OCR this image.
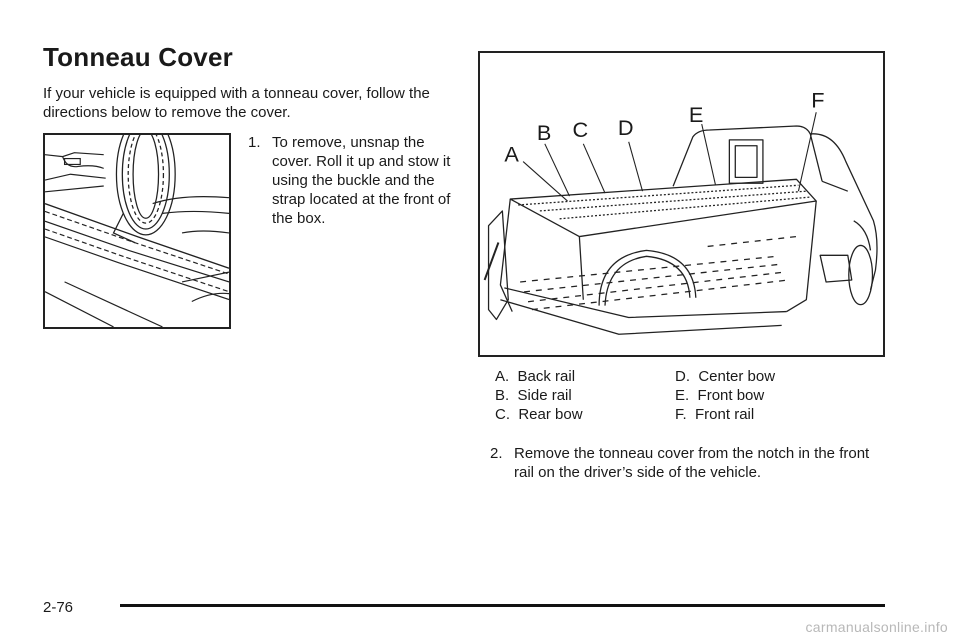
Tonneau Cover
If your vehicle is equipped with a tonneau cover, follow the directions below to remove the cover.
1. To remove, unsnap the cover. Roll it up and stow it using the buckle and the strap located at the front of the box.
A
B C D
E
F
A. Back rail	D. Center bow
B. Side rail	E. Front bow
C. Rear bow	F. Front rail
2. Remove the tonneau cover from the notch in the front rail on the driver’s side of the vehicle.
2-76
carmanualsonline.info
